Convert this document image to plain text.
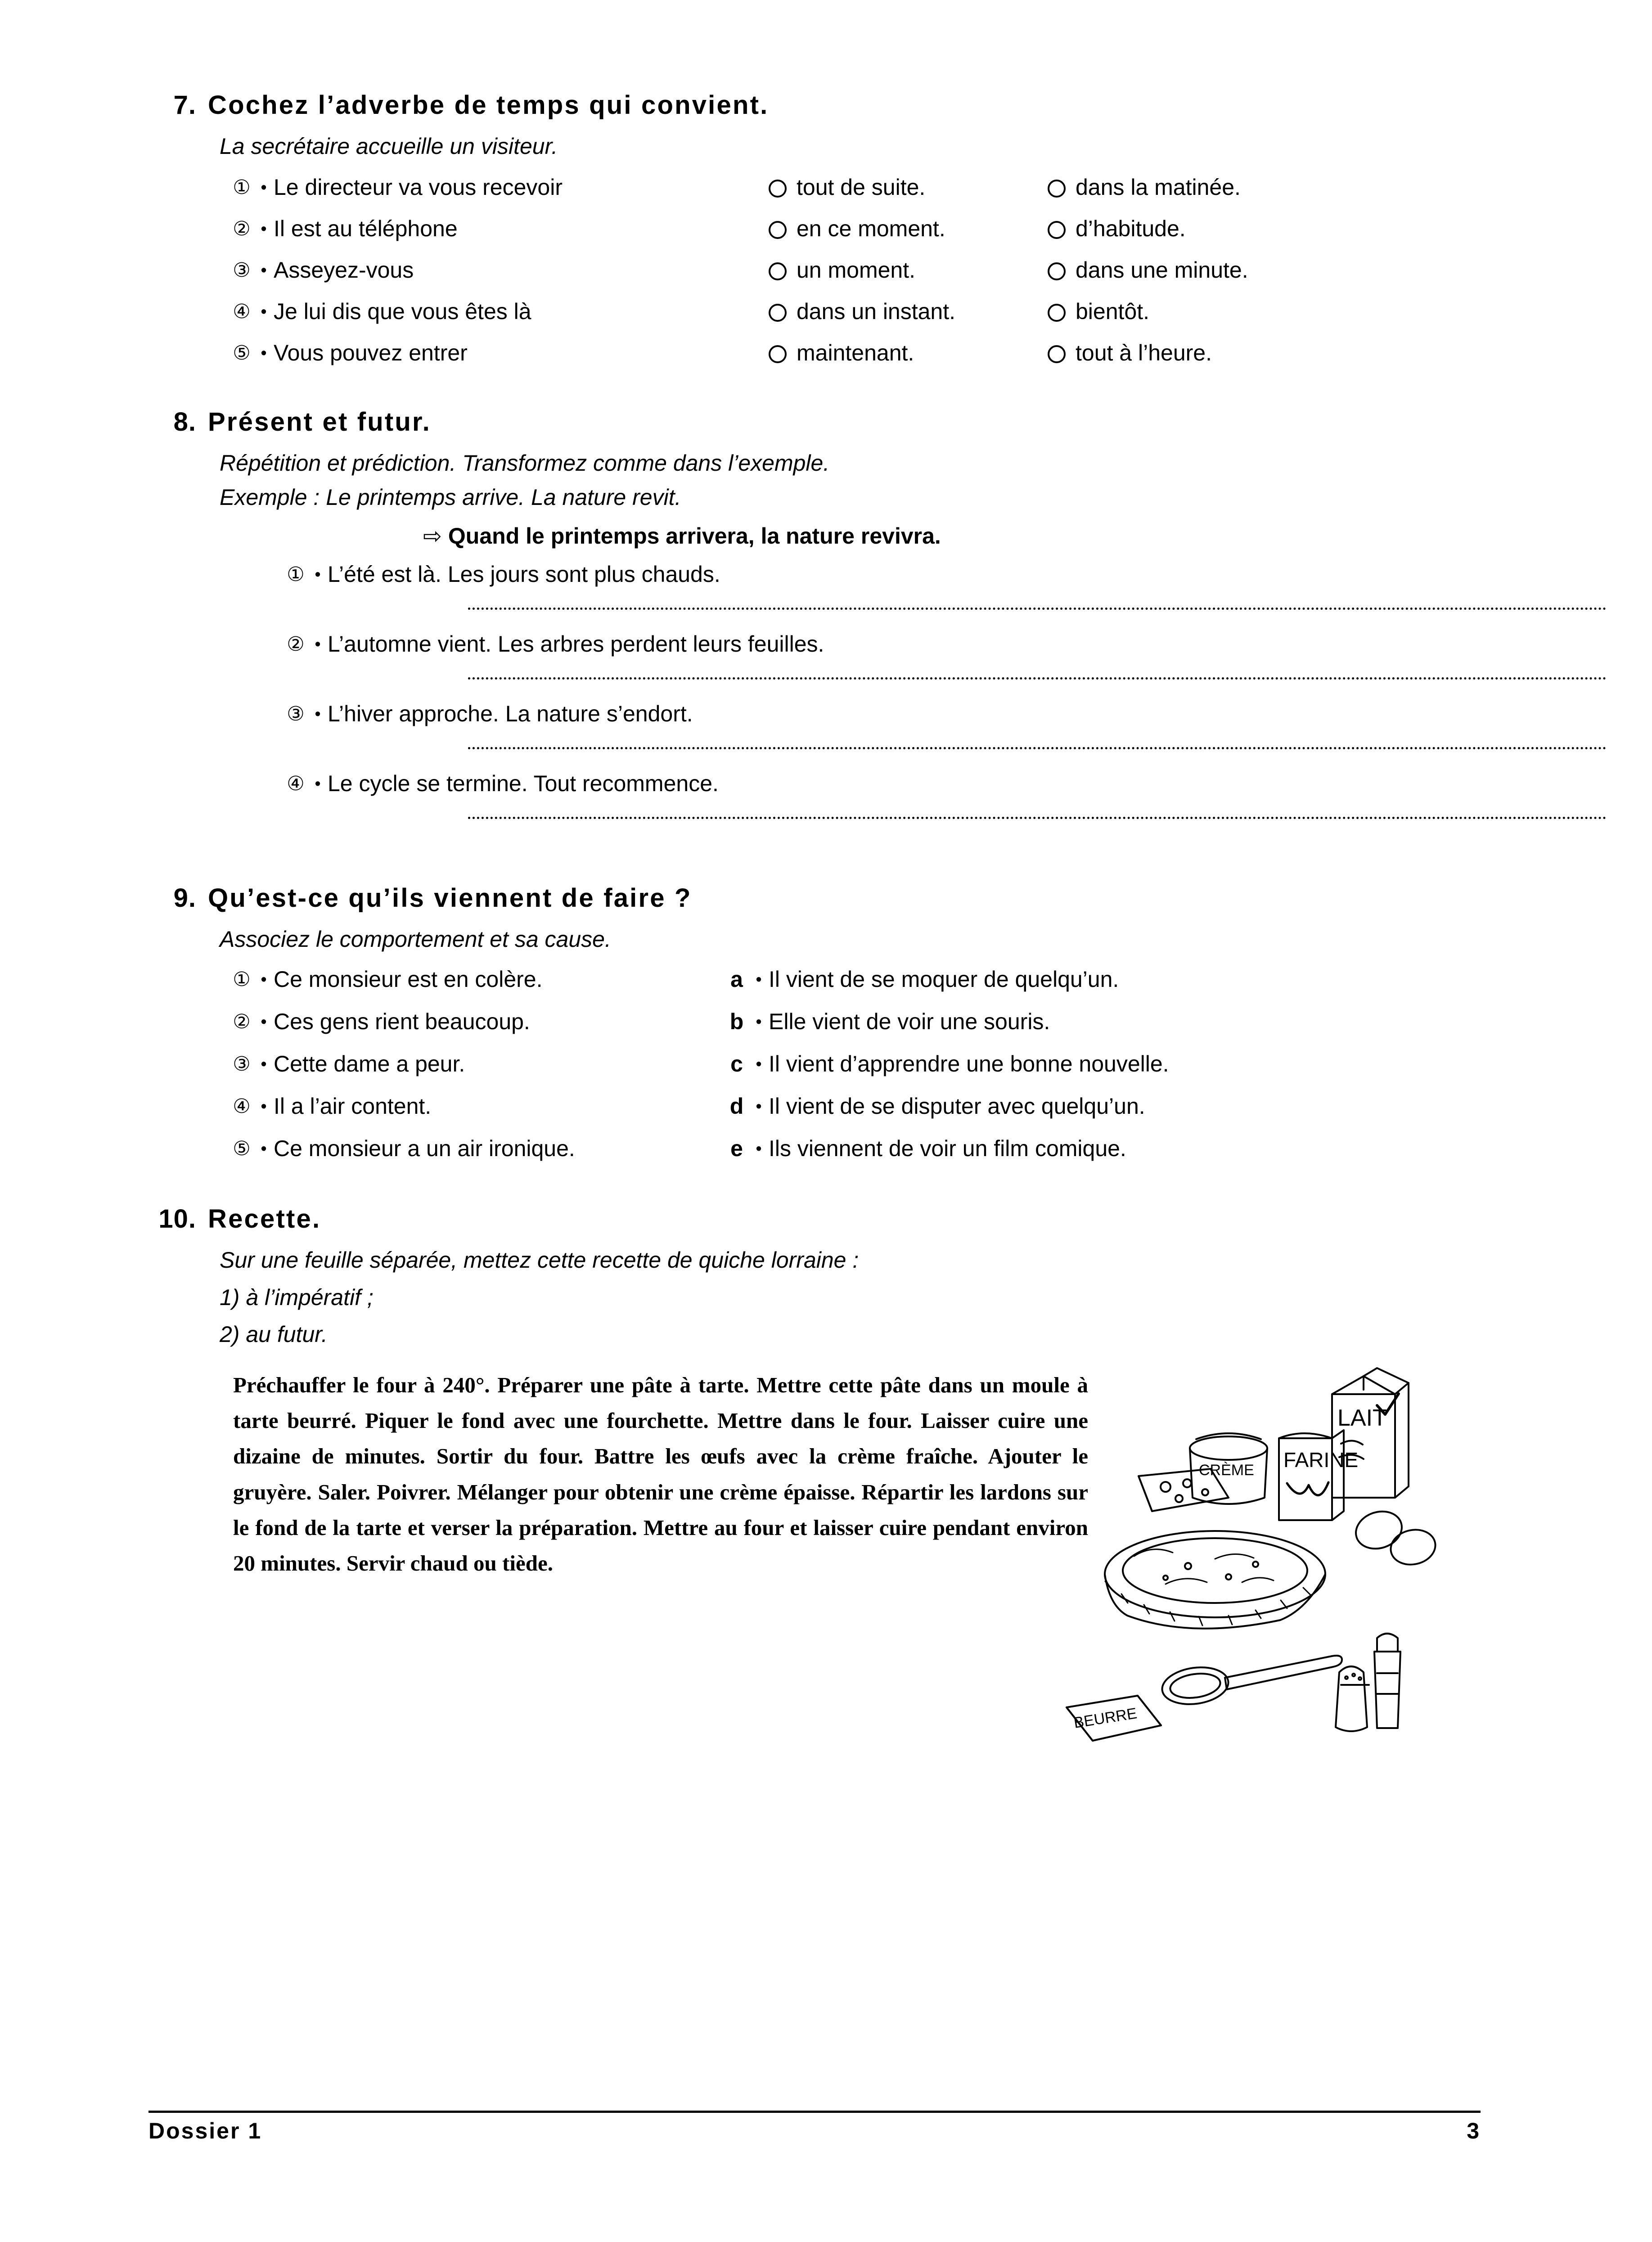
7. Cochez l’adverbe de temps qui convient.
La secrétaire accueille un visiteur.
① • Le directeur va vous recevoir	tout de suite.	dans la matinée.
② • Il est au téléphone	en ce moment.	d’habitude.
③ • Asseyez-vous	un moment.	dans une minute.
④ • Je lui dis que vous êtes là	dans un instant.	bientôt.
⑤ • Vous pouvez entrer	maintenant.	tout à l’heure.
8. Présent et futur.
Répétition et prédiction. Transformez comme dans l’exemple.
Exemple : Le printemps arrive. La nature revit.
⇨ Quand le printemps arrivera, la nature revivra.
① • L’été est là. Les jours sont plus chauds.
② • L’automne vient. Les arbres perdent leurs feuilles.
③ • L’hiver approche. La nature s’endort.
④ • Le cycle se termine. Tout recommence.
9. Qu’est-ce qu’ils viennent de faire ?
Associez le comportement et sa cause.
① • Ce monsieur est en colère.	a • Il vient de se moquer de quelqu’un.
② • Ces gens rient beaucoup.	b • Elle vient de voir une souris.
③ • Cette dame a peur.	c • Il vient d’apprendre une bonne nouvelle.
④ • Il a l’air content.	d • Il vient de se disputer avec quelqu’un.
⑤ • Ce monsieur a un air ironique.	e • Ils viennent de voir un film comique.
10. Recette.
Sur une feuille séparée, mettez cette recette de quiche lorraine :
1) à l’impératif ;
2) au futur.
Préchauffer le four à 240°. Préparer une pâte à tarte. Mettre cette pâte dans un moule à tarte beurré. Piquer le fond avec une fourchette. Mettre dans le four. Laisser cuire une dizaine de minutes. Sortir du four. Battre les œufs avec la crème fraîche. Ajouter le gruyère. Saler. Poivrer. Mélanger pour obtenir une crème épaisse. Répartir les lardons sur le fond de la tarte et verser la préparation. Mettre au four et laisser cuire pendant environ 20 minutes. Servir chaud ou tiède.
LAIT
FARINE
CRÈME
BEURRE
Dossier 1	3
